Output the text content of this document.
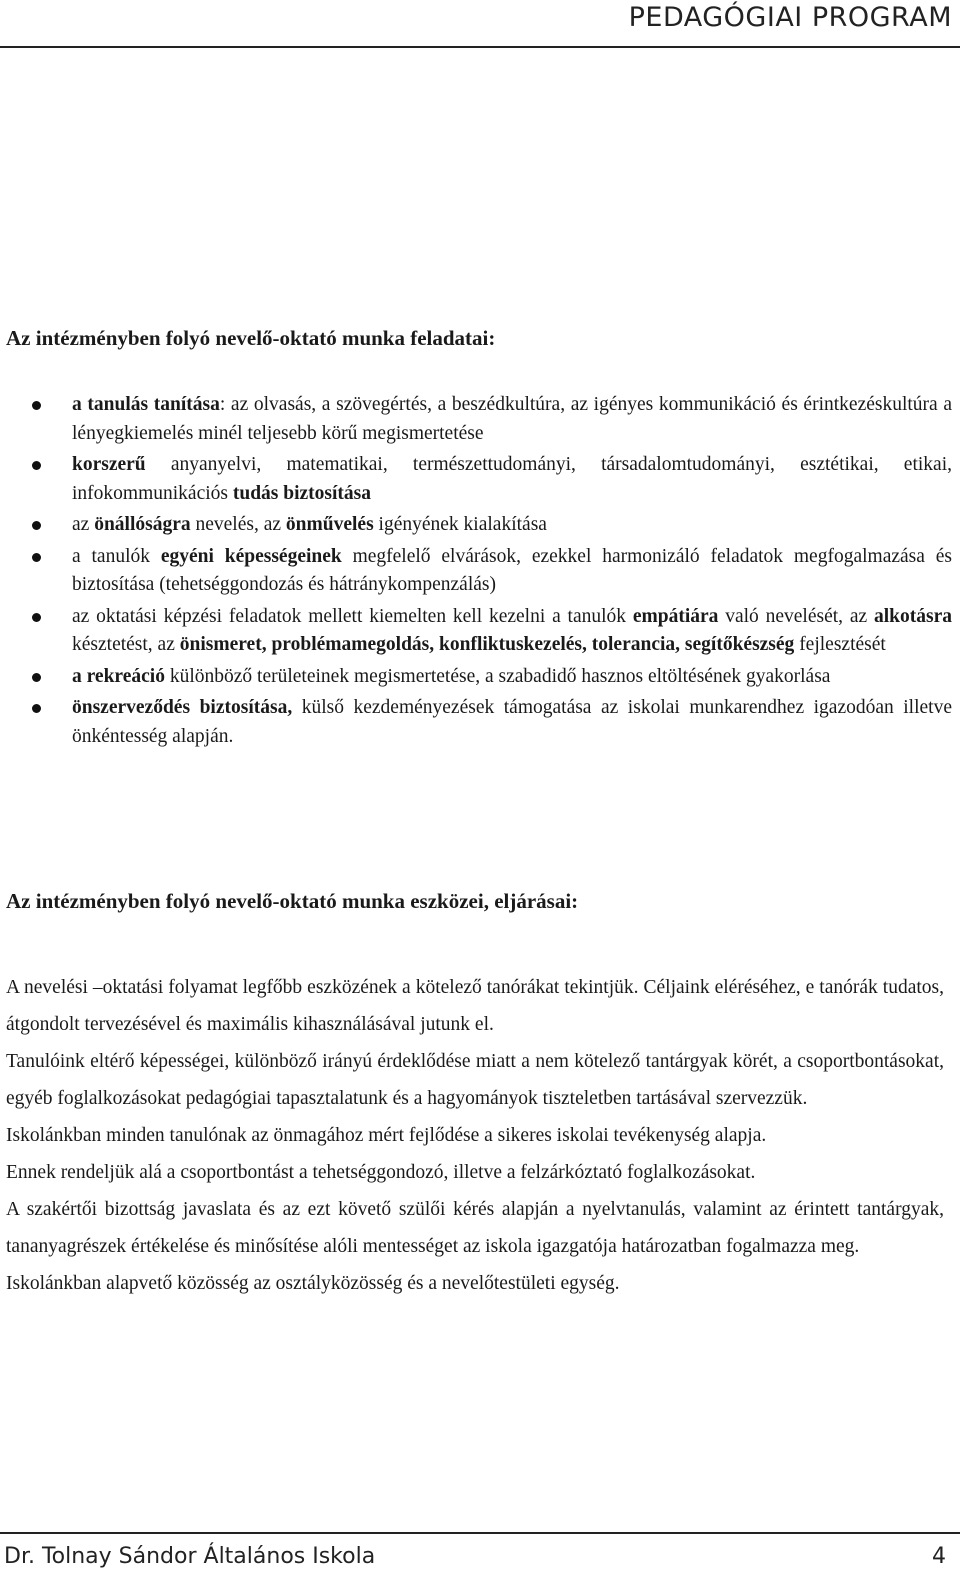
PEDAGÓGIAI PROGRAM
Az intézményben folyó nevelő-oktató munka feladatai:
a tanulás tanítása: az olvasás, a szövegértés, a beszédkultúra, az igényes kommunikáció és érintkezéskultúra a lényegkiemelés minél teljesebb körű megismertetése
korszerű anyanyelvi, matematikai, természettudományi, társadalomtudományi, esztétikai, etikai, infokommunikációs tudás biztosítása
az önállóságra nevelés, az önművelés igényének kialakítása
a tanulók egyéni képességeinek megfelelő elvárások, ezekkel harmonizáló feladatok megfogalmazása és biztosítása (tehetséggondozás és hátránykompenzálás)
az oktatási képzési feladatok mellett kiemelten kell kezelni a tanulók empátiára való nevelését, az alkotásra késztetést, az önismeret, problémamegoldás, konfliktuskezelés, tolerancia, segítőkészség fejlesztését
a rekreáció különböző területeinek megismertetése, a szabadidő hasznos eltöltésének gyakorlása
önszerveződés biztosítása, külső kezdeményezések támogatása az iskolai munkarendhez igazodóan illetve önkéntesség alapján.
Az intézményben folyó nevelő-oktató munka eszközei, eljárásai:

A nevelési –oktatási folyamat legfőbb eszközének a kötelező tanórákat tekintjük. Céljaink eléréséhez, e tanórák tudatos, átgondolt tervezésével és maximális kihasználásával jutunk el.

Tanulóink eltérő képességei, különböző irányú érdeklődése miatt a nem kötelező tantárgyak körét, a csoportbontásokat, egyéb foglalkozásokat pedagógiai tapasztalatunk és a hagyományok tiszteletben tartásával szervezzük.

Iskolánkban minden tanulónak az önmagához mért fejlődése a sikeres iskolai tevékenység alapja.

Ennek rendeljük alá a csoportbontást a tehetséggondozó, illetve a felzárkóztató foglalkozásokat.

A szakértői bizottság javaslata és az ezt követő szülői kérés alapján a nyelvtanulás, valamint az érintett tantárgyak, tananyagrészek értékelése és minősítése alóli mentességet az iskola igazgatója határozatban fogalmazza meg.

Iskolánkban alapvető közösség az osztályközösség és a nevelőtestületi egység.

Dr. Tolnay Sándor Általános Iskola	4
